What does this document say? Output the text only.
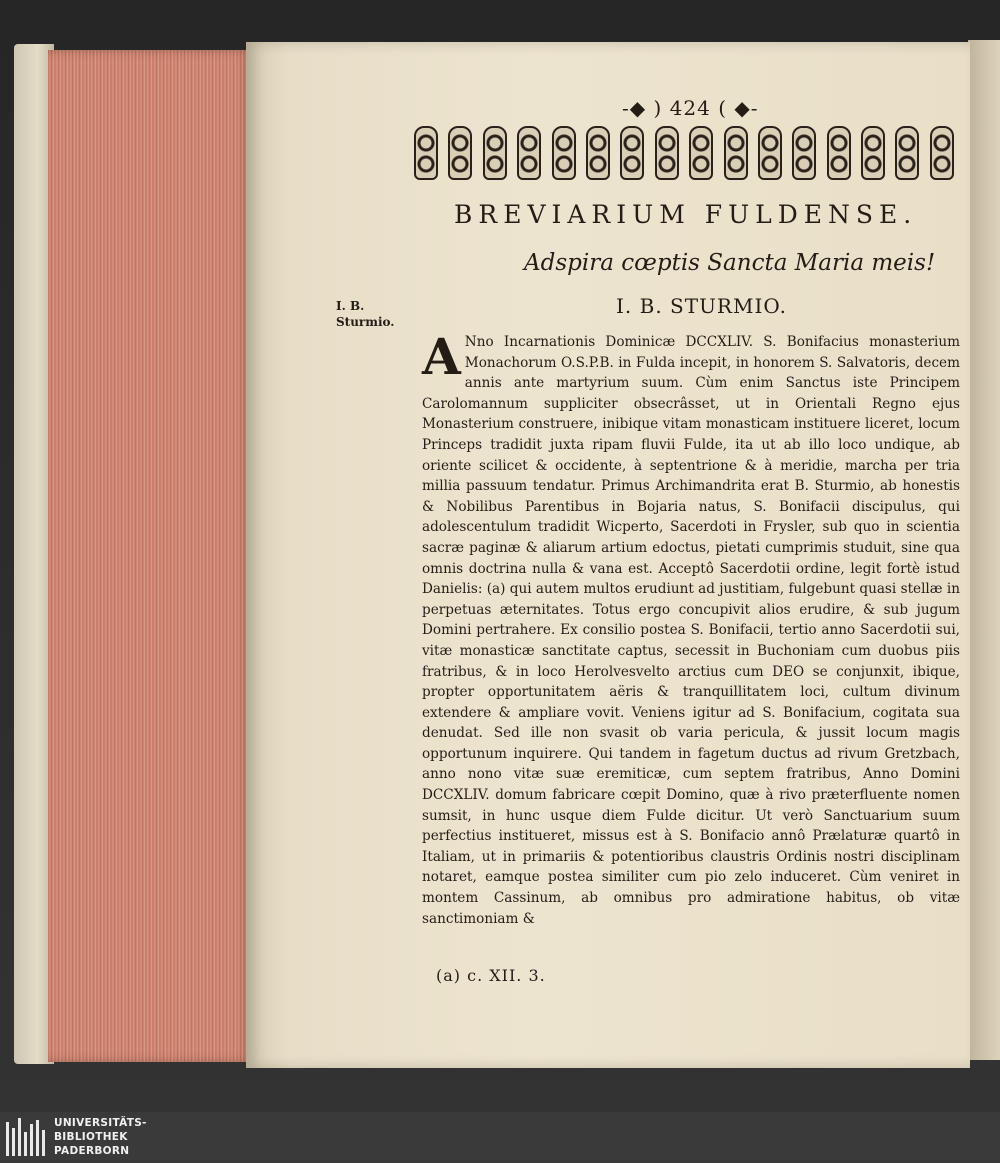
-◆ ) 424 ( ◆-
BREVIARIUM FULDENSE.
Adspira cœptis Sancta Maria meis!
I. B. STURMIO.
I. B. Sturmio.
A Nno Incarnationis Dominicæ DCCXLIV. S. Bonifacius monasterium Monachorum O.S.P.B. in Fulda incepit, in honorem S. Salvatoris, decem annis ante martyrium suum. Cùm enim Sanctus iste Principem Carolomannum suppliciter obsecrâsset, ut in Orientali Regno ejus Monasterium construere, inibique vitam monasticam instituere liceret, locum Princeps tradidit juxta ripam fluvii Fulde, ita ut ab illo loco undique, ab oriente scilicet & occidente, à septentrione & à meridie, marcha per tria millia passuum tendatur. Primus Archimandrita erat B. Sturmio, ab honestis & Nobilibus Parentibus in Bojaria natus, S. Bonifacii discipulus, qui adolescentulum tradidit Wicperto, Sacerdoti in Frysler, sub quo in scientia sacræ paginæ & aliarum artium edoctus, pietati cumprimis studuit, sine qua omnis doctrina nulla & vana est. Acceptô Sacerdotii ordine, legit fortè istud Danielis: (a) qui autem multos erudiunt ad justitiam, fulgebunt quasi stellæ in perpetuas æternitates. Totus ergo concupivit alios erudire, & sub jugum Domini pertrahere. Ex consilio postea S. Bonifacii, tertio anno Sacerdotii sui, vitæ monasticæ sanctitate captus, secessit in Buchoniam cum duobus piis fratribus, & in loco Herolvesvelto arctius cum DEO se conjunxit, ibique, propter opportunitatem aëris & tranquillitatem loci, cultum divinum extendere & ampliare vovit. Veniens igitur ad S. Bonifacium, cogitata sua denudat. Sed ille non svasit ob varia pericula, & jussit locum magis opportunum inquirere. Qui tandem in fagetum ductus ad rivum Gretzbach, anno nono vitæ suæ eremiticæ, cum septem fratribus, Anno Domini DCCXLIV. domum fabricare cœpit Domino, quæ à rivo præterfluente nomen sumsit, in hunc usque diem Fulde dicitur. Ut verò Sanctuarium suum perfectius institueret, missus est à S. Bonifacio annô Prælaturæ quartô in Italiam, ut in primariis & potentioribus claustris Ordinis nostri disciplinam notaret, eamque postea similiter cum pio zelo induceret. Cùm veniret in montem Cassinum, ab omnibus pro admiratione habitus, ob vitæ sanctimoniam &
(a) c. XII. 3.
UNIVERSITÄTS-
BIBLIOTHEK
PADERBORN
